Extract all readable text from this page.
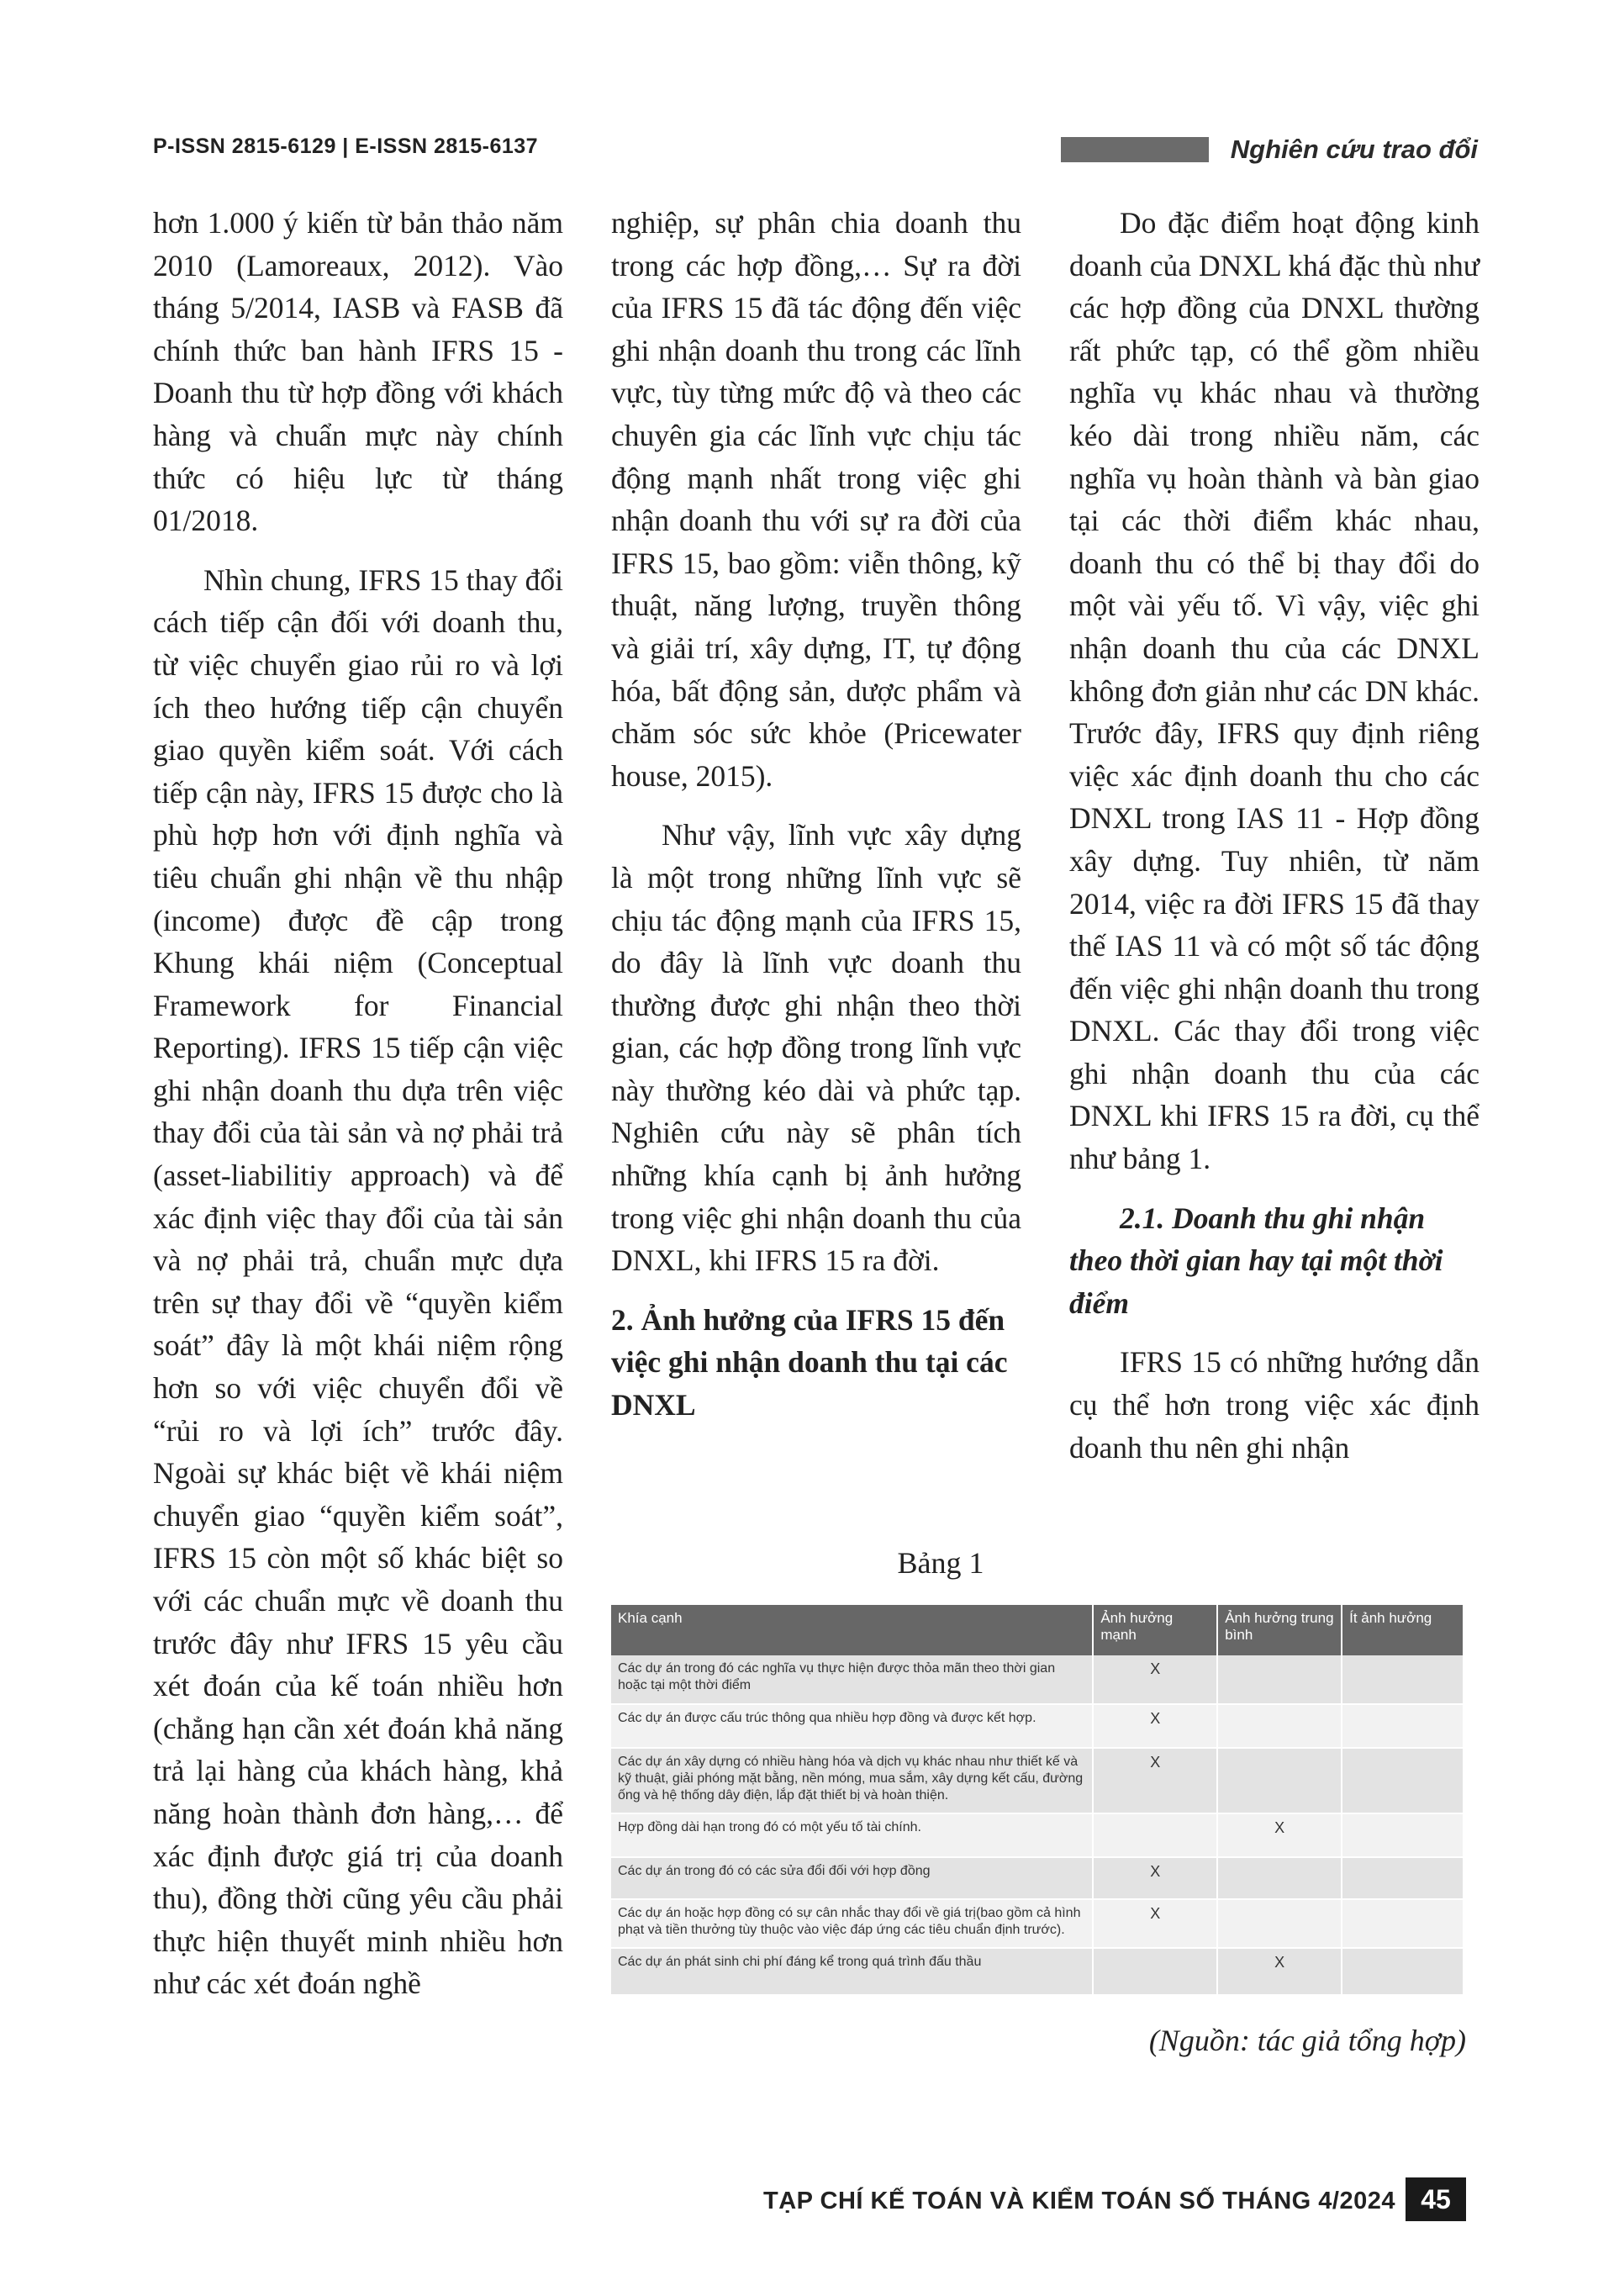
P-ISSN 2815-6129 | E-ISSN 2815-6137	Nghiên cứu trao đổi

hơn 1.000 ý kiến từ bản thảo năm 2010 (Lamoreaux, 2012). Vào tháng 5/2014, IASB và FASB đã chính thức ban hành IFRS 15 - Doanh thu từ hợp đồng với khách hàng và chuẩn mực này chính thức có hiệu lực từ tháng 01/2018.

Nhìn chung, IFRS 15 thay đổi cách tiếp cận đối với doanh thu, từ việc chuyển giao rủi ro và lợi ích theo hướng tiếp cận chuyển giao quyền kiểm soát. Với cách tiếp cận này, IFRS 15 được cho là phù hợp hơn với định nghĩa và tiêu chuẩn ghi nhận về thu nhập (income) được đề cập trong Khung khái niệm (Conceptual Framework for Financial Reporting). IFRS 15 tiếp cận việc ghi nhận doanh thu dựa trên việc thay đổi của tài sản và nợ phải trả (asset-liabilitiy approach) và để xác định việc thay đổi của tài sản và nợ phải trả, chuẩn mực dựa trên sự thay đổi về “quyền kiểm soát” đây là một khái niệm rộng hơn so với việc chuyển đổi về “rủi ro và lợi ích” trước đây. Ngoài sự khác biệt về khái niệm chuyển giao “quyền kiểm soát”, IFRS 15 còn một số khác biệt so với các chuẩn mực về doanh thu trước đây như IFRS 15 yêu cầu xét đoán của kế toán nhiều hơn (chẳng hạn cần xét đoán khả năng trả lại hàng của khách hàng, khả năng hoàn thành đơn hàng,… để xác định được giá trị của doanh thu), đồng thời cũng yêu cầu phải thực hiện thuyết minh nhiều hơn như các xét đoán nghề

nghiệp, sự phân chia doanh thu trong các hợp đồng,… Sự ra đời của IFRS 15 đã tác động đến việc ghi nhận doanh thu trong các lĩnh vực, tùy từng mức độ và theo các chuyên gia các lĩnh vực chịu tác động mạnh nhất trong việc ghi nhận doanh thu với sự ra đời của IFRS 15, bao gồm: viễn thông, kỹ thuật, năng lượng, truyền thông và giải trí, xây dựng, IT, tự động hóa, bất động sản, dược phẩm và chăm sóc sức khỏe (Pricewater house, 2015).

Như vậy, lĩnh vực xây dựng là một trong những lĩnh vực sẽ chịu tác động mạnh của IFRS 15, do đây là lĩnh vực doanh thu thường được ghi nhận theo thời gian, các hợp đồng trong lĩnh vực này thường kéo dài và phức tạp. Nghiên cứu này sẽ phân tích những khía cạnh bị ảnh hưởng trong việc ghi nhận doanh thu của DNXL, khi IFRS 15 ra đời.

2. Ảnh hưởng của IFRS 15 đến việc ghi nhận doanh thu tại các DNXL

Do đặc điểm hoạt động kinh doanh của DNXL khá đặc thù như các hợp đồng của DNXL thường rất phức tạp, có thể gồm nhiều nghĩa vụ khác nhau và thường kéo dài trong nhiều năm, các nghĩa vụ hoàn thành và bàn giao tại các thời điểm khác nhau, doanh thu có thể bị thay đổi do một vài yếu tố. Vì vậy, việc ghi nhận doanh thu của các DNXL không đơn giản như các DN khác. Trước đây, IFRS quy định riêng việc xác định doanh thu cho các DNXL trong IAS 11 - Hợp đồng xây dựng. Tuy nhiên, từ năm 2014, việc ra đời IFRS 15 đã thay thế IAS 11 và có một số tác động đến việc ghi nhận doanh thu trong DNXL. Các thay đổi trong việc ghi nhận doanh thu của các DNXL khi IFRS 15 ra đời, cụ thể như bảng 1.

2.1. Doanh thu ghi nhận theo thời gian hay tại một thời điểm

IFRS 15 có những hướng dẫn cụ thể hơn trong việc xác định doanh thu nên ghi nhận

Bảng 1
Khía cạnh	Ảnh hưởng mạnh	Ảnh hưởng trung bình	Ít ảnh hưởng
Các dự án trong đó các nghĩa vụ thực hiện được thỏa mãn theo thời gian hoặc tại một thời điểm	X		
Các dự án được cấu trúc thông qua nhiều hợp đồng và được kết hợp.	X		
Các dự án xây dựng có nhiều hàng hóa và dịch vụ khác nhau như thiết kế và kỹ thuật, giải phóng mặt bằng, nền móng, mua sắm, xây dựng kết cấu, đường ống và hệ thống dây điện, lắp đặt thiết bị và hoàn thiện.	X		
Hợp đồng dài hạn trong đó có một yếu tố tài chính.		X	
Các dự án trong đó có các sửa đổi đối với hợp đồng	X		
Các dự án hoặc hợp đồng có sự cân nhắc thay đổi về giá trị(bao gồm cả hình phạt và tiền thưởng tùy thuộc vào việc đáp ứng các tiêu chuẩn định trước).	X		
Các dự án phát sinh chi phí đáng kể trong quá trình đấu thầu		X	
(Nguồn: tác giả tổng hợp)
TẠP CHÍ KẾ TOÁN VÀ KIỂM TOÁN SỐ THÁNG 4/2024 45
